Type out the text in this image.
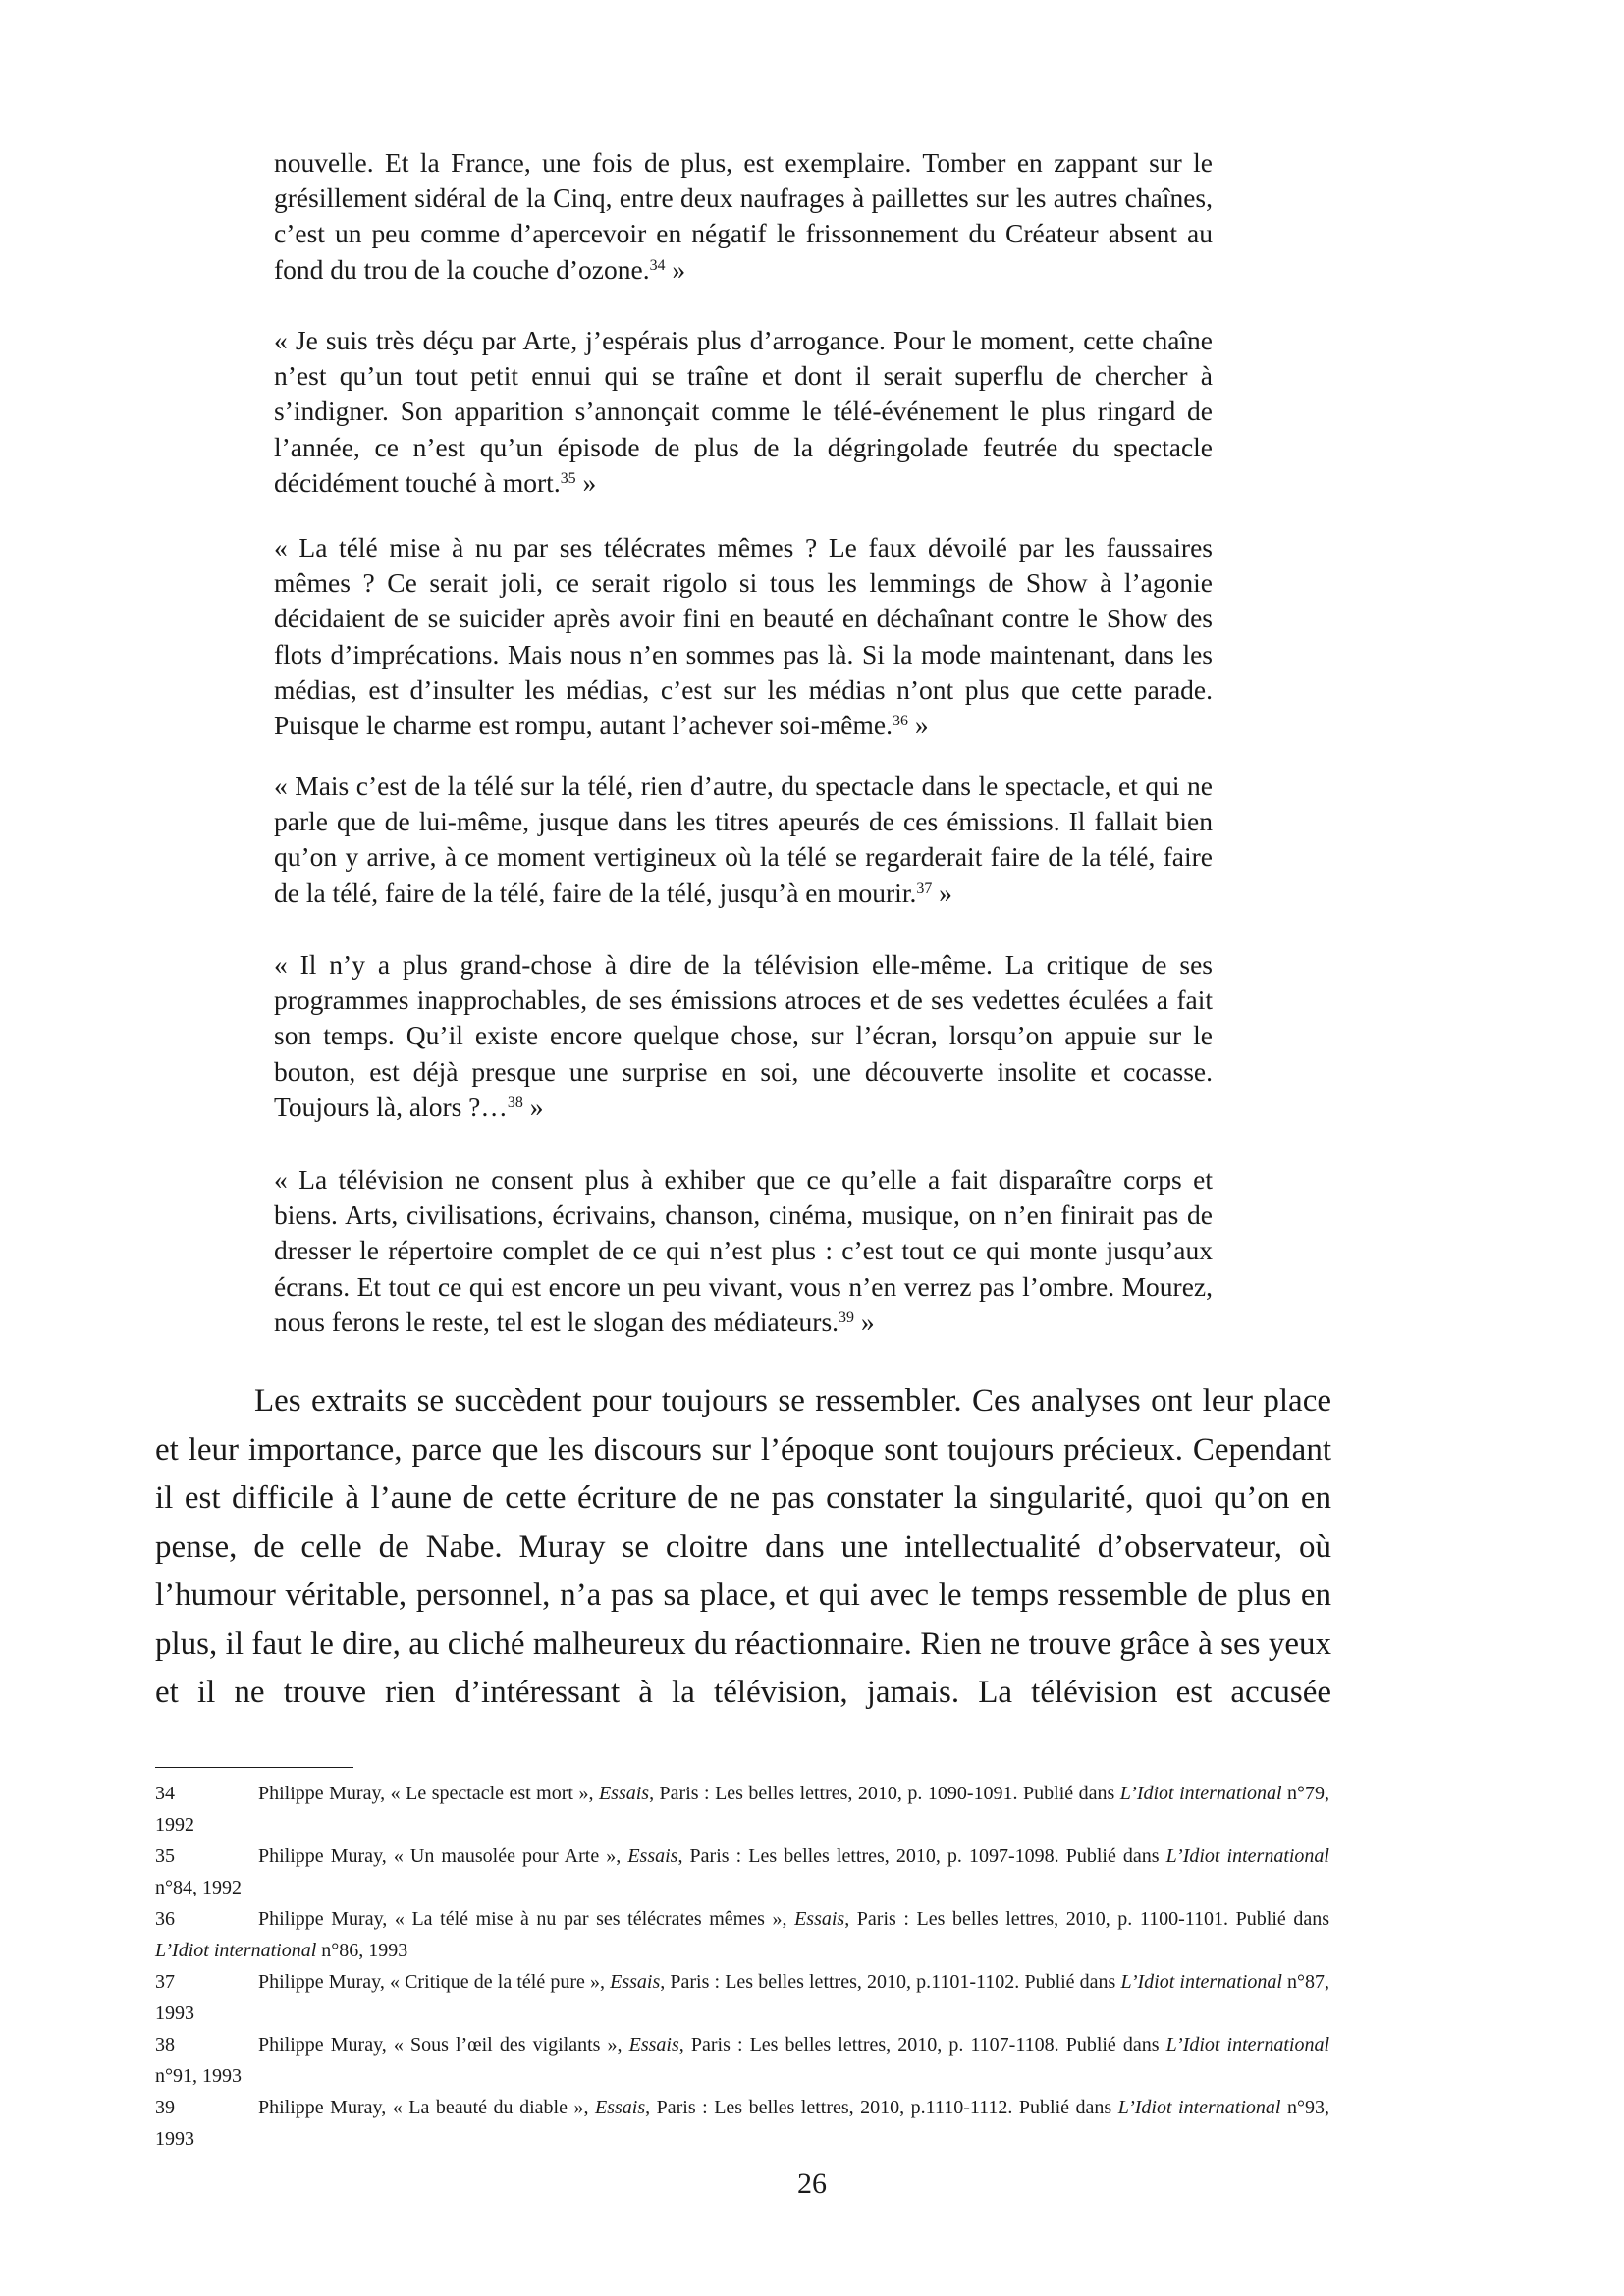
nouvelle. Et la France, une fois de plus, est exemplaire. Tomber en zappant sur le grésillement sidéral de la Cinq, entre deux naufrages à paillettes sur les autres chaînes, c’est un peu comme d’apercevoir en négatif le frissonnement du Créateur absent au fond du trou de la couche d’ozone.$^{34}$ »

« Je suis très déçu par Arte, j’espérais plus d’arrogance. Pour le moment, cette chaîne n’est qu’un tout petit ennui qui se traîne et dont il serait superflu de chercher à s’indigner. Son apparition s’annonçait comme le télé-événement le plus ringard de l’année, ce n’est qu’un épisode de plus de la dégringolade feutrée du spectacle décidément touché à mort.$^{35}$ »

« La télé mise à nu par ses télécrates mêmes ? Le faux dévoilé par les faussaires mêmes ? Ce serait joli, ce serait rigolo si tous les lemmings de Show à l’agonie décidaient de se suicider après avoir fini en beauté en déchaînant contre le Show des flots d’imprécations. Mais nous n’en sommes pas là. Si la mode maintenant, dans les médias, est d’insulter les médias, c’est sur les médias n’ont plus que cette parade. Puisque le charme est rompu, autant l’achever soi-même.$^{36}$ »

« Mais c’est de la télé sur la télé, rien d’autre, du spectacle dans le spectacle, et qui ne parle que de lui-même, jusque dans les titres apeurés de ces émissions. Il fallait bien qu’on y arrive, à ce moment vertigineux où la télé se regarderait faire de la télé, faire de la télé, faire de la télé, faire de la télé, jusqu’à en mourir.$^{37}$ »

« Il n’y a plus grand-chose à dire de la télévision elle-même. La critique de ses programmes inapprochables, de ses émissions atroces et de ses vedettes éculées a fait son temps. Qu’il existe encore quelque chose, sur l’écran, lorsqu’on appuie sur le bouton, est déjà presque une surprise en soi, une découverte insolite et cocasse. Toujours là, alors ?…$^{38}$ »

« La télévision ne consent plus à exhiber que ce qu’elle a fait disparaître corps et biens. Arts, civilisations, écrivains, chanson, cinéma, musique, on n’en finirait pas de dresser le répertoire complet de ce qui n’est plus : c’est tout ce qui monte jusqu’aux écrans. Et tout ce qui est encore un peu vivant, vous n’en verrez pas l’ombre. Mourez, nous ferons le reste, tel est le slogan des médiateurs.$^{39}$ »

Les extraits se succèdent pour toujours se ressembler. Ces analyses ont leur place et leur importance, parce que les discours sur l’époque sont toujours précieux. Cependant il est difficile à l’aune de cette écriture de ne pas constater la singularité, quoi qu’on en pense, de celle de Nabe. Muray se cloitre dans une intellectualité d’observateur, où l’humour véritable, personnel, n’a pas sa place, et qui avec le temps ressemble de plus en plus, il faut le dire, au cliché malheureux du réactionnaire. Rien ne trouve grâce à ses yeux et il ne trouve rien d’intéressant à la télévision, jamais. La télévision est accusée

34	Philippe Muray, « Le spectacle est mort », Essais, Paris : Les belles lettres, 2010, p. 1090-1091. Publié dans L’Idiot international n°79, 1992

35	Philippe Muray, « Un mausolée pour Arte », Essais, Paris : Les belles lettres, 2010, p. 1097-1098. Publié dans L’Idiot international n°84, 1992

36	Philippe Muray, « La télé mise à nu par ses télécrates mêmes », Essais, Paris : Les belles lettres, 2010, p. 1100-1101. Publié dans L’Idiot international n°86, 1993

37	Philippe Muray, « Critique de la télé pure », Essais, Paris : Les belles lettres, 2010, p.1101-1102. Publié dans L’Idiot international n°87, 1993

38	Philippe Muray, « Sous l’œil des vigilants », Essais, Paris : Les belles lettres, 2010, p. 1107-1108. Publié dans L’Idiot international n°91, 1993

39	Philippe Muray, « La beauté du diable », Essais, Paris : Les belles lettres, 2010, p.1110-1112. Publié dans L’Idiot international n°93, 1993

26
